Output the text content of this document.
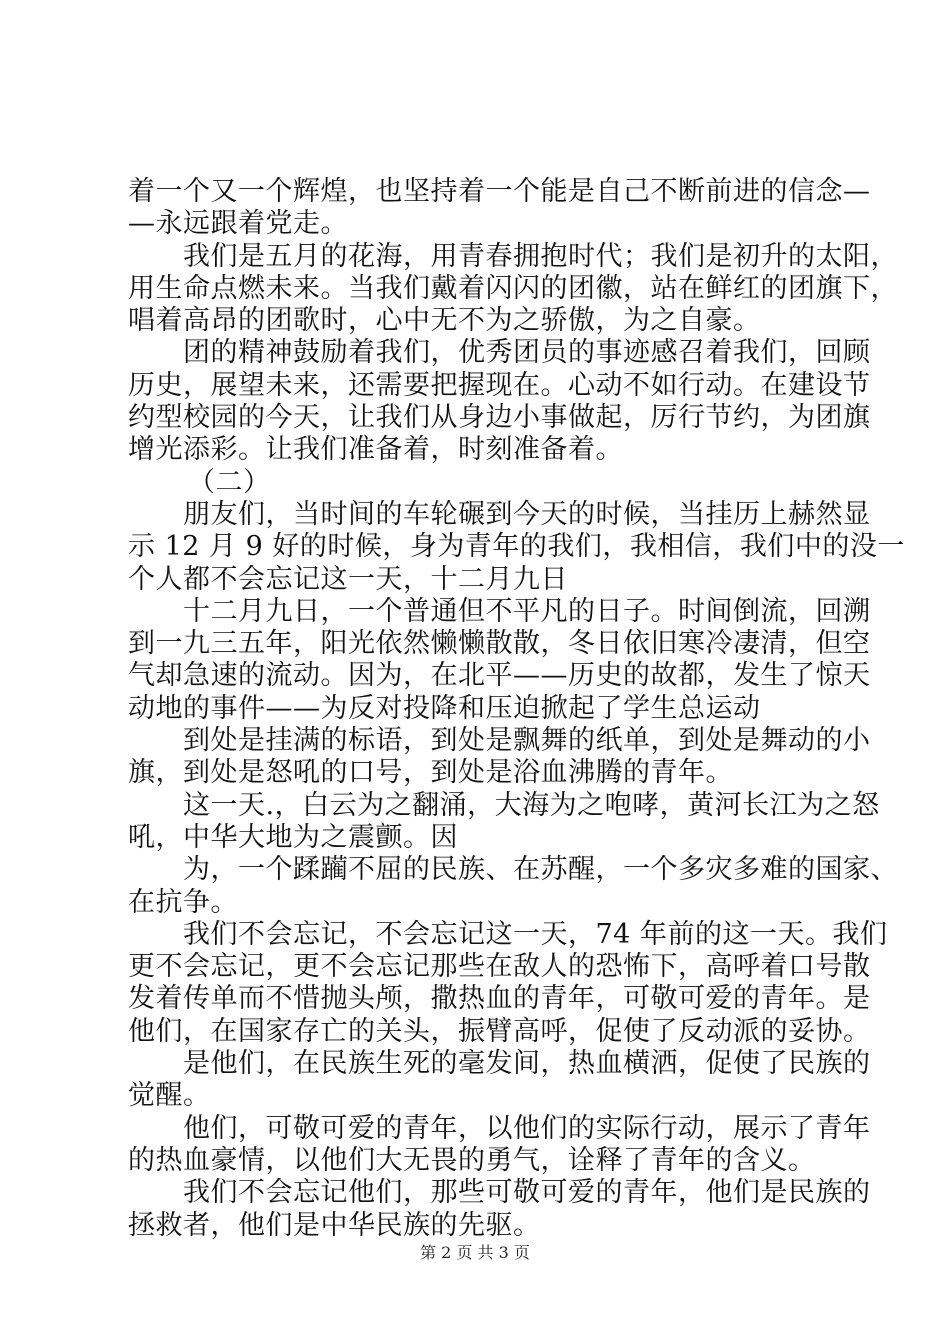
着一个又一个辉煌，也坚持着一个能是自己不断前进的信念—
—永远跟着党走。
我们是五月的花海，用青春拥抱时代；我们是初升的太阳，
用生命点燃未来。当我们戴着闪闪的团徽，站在鲜红的团旗下，
唱着高昂的团歌时，心中无不为之骄傲，为之自豪。
团的精神鼓励着我们，优秀团员的事迹感召着我们，回顾
历史，展望未来，还需要把握现在。心动不如行动。在建设节
约型校园的今天，让我们从身边小事做起，厉行节约，为团旗
增光添彩。让我们准备着，时刻准备着。
（二）
朋友们，当时间的车轮碾到今天的时候，当挂历上赫然显
示 12 月 9 好的时候，身为青年的我们，我相信，我们中的没一
个人都不会忘记这一天，十二月九日
十二月九日，一个普通但不平凡的日子。时间倒流，回溯
到一九三五年，阳光依然懒懒散散，冬日依旧寒冷凄清，但空
气却急速的流动。因为，在北平——历史的故都，发生了惊天
动地的事件——为反对投降和压迫掀起了学生总运动
到处是挂满的标语，到处是飘舞的纸单，到处是舞动的小
旗，到处是怒吼的口号，到处是浴血沸腾的青年。
这一天.，白云为之翻涌，大海为之咆哮，黄河长江为之怒
吼，中华大地为之震颤。因
为，一个蹂躏不屈的民族、在苏醒，一个多灾多难的国家、
在抗争。
我们不会忘记，不会忘记这一天，74 年前的这一天。我们
更不会忘记，更不会忘记那些在敌人的恐怖下，高呼着口号散
发着传单而不惜抛头颅，撒热血的青年，可敬可爱的青年。是
他们，在国家存亡的关头，振臂高呼，促使了反动派的妥协。
是他们，在民族生死的毫发间，热血横洒，促使了民族的
觉醒。
他们，可敬可爱的青年，以他们的实际行动，展示了青年
的热血豪情，以他们大无畏的勇气，诠释了青年的含义。
我们不会忘记他们，那些可敬可爱的青年，他们是民族的
拯救者，他们是中华民族的先驱。
第 2 页 共 3 页
